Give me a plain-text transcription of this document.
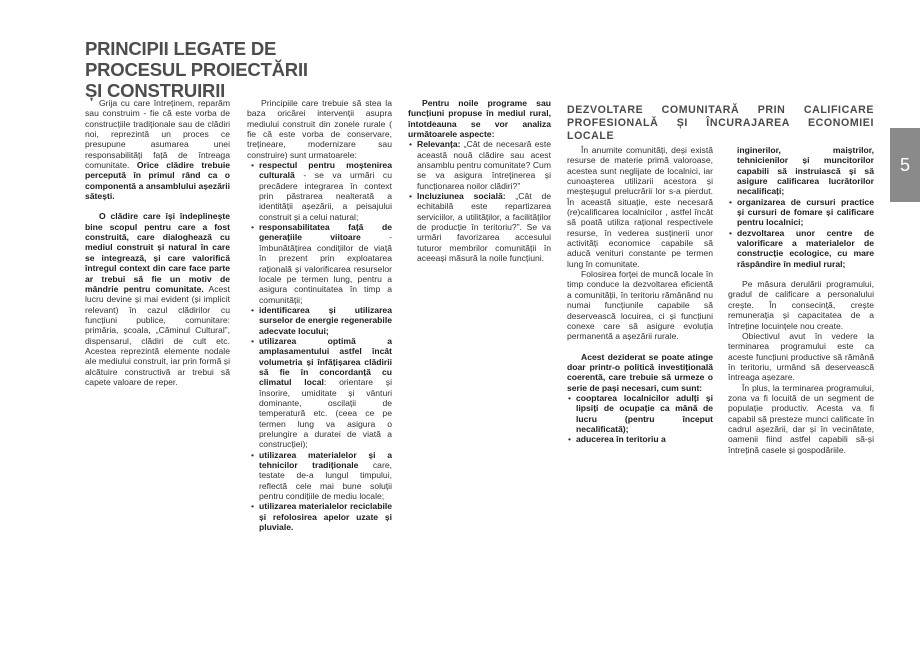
PRINCIPII LEGATE DE
PROCESUL PROIECTĂRII
ȘI CONSTRUIRII

Grija cu care întreținem, reparăm sau construim - fie că este vorba de construcțiile tradiționale sau de clădiri noi, reprezintă un proces ce presupune asumarea unei responsabilități față de întreaga comunitate. Orice clădire trebuie percepută în primul rând ca o componentă a ansamblului așezării sătești.

O clădire care își îndeplinește bine scopul pentru care a fost construită, care dialoghează cu mediul construit și natural în care se integrează, și care valorifică întregul context din care face parte ar trebui să fie un motiv de mândrie pentru comunitate. Acest lucru devine și mai evident (și implicit relevant) în cazul clădirilor cu funcțiuni publice, comunitare: primăria, școala, „Căminul Cultural”, dispensarul, clădiri de cult etc. Acestea reprezintă elemente nodale ale mediului construit, iar prin formă și alcătuire constructivă ar trebui să capete valoare de reper.

Principiile care trebuie să stea la baza oricărei intervenții asupra mediului construit din zonele rurale ( fie că este vorba de conservare, trețineare, modernizare sau construire) sunt urmatoarele:

• respectul pentru moștenirea culturală - se va urmări cu precădere integrarea în context prin păstrarea nealterată a identității așezării, a peisajului construit și a celui natural;
• responsabilitatea față de generațiile viitoare - îmbunătățirea condițiilor de viață în prezent prin exploatarea rațională și valorificarea resurselor locale pe termen lung, pentru a asigura continuitatea în timp a comunității;
• identificarea și utilizarea surselor de energie regenerabile adecvate locului;
• utilizarea optimă a amplasamentului astfel încât volumetria și înfățișarea clădirii să fie în concordanță cu climatul local: orientare și însorire, umiditate și vânturi dominante, oscilații de temperatură etc. (ceea ce pe termen lung va asigura o prelungire a duratei de viată a construcției);
• utilizarea materialelor și a tehnicilor tradiționale care, testate de-a lungul timpului, reflectă cele mai bune soluții pentru condițiile de mediu locale;
• utilizarea materialelor reciclabile și refolosirea apelor uzate și pluviale.

Pentru noile programe sau funcțiuni propuse în mediul rural, întotdeauna se vor analiza următoarele aspecte:

• Relevanța: „Cât de necesară este această nouă clădire sau acest ansamblu pentru comunitate? Cum se va asigura întreținerea și funcționarea noilor clădiri?”
• Incluziunea socială: „Cât de echitabilă este repartizarea serviciilor, a utilităților, a facilităților de producție în teritoriu?”. Se va urmări favorizarea accesului tuturor membrilor comunității în aceeași măsură la noile funcțiuni.
DEZVOLTARE COMUNITARĂ PRIN CALIFICARE PROFESIONALĂ ȘI ÎNCURAJAREA ECONOMIEI LOCALE

În anumite comunități, deși există resurse de materie primă valoroase, acestea sunt neglijate de localnici, iar cunoașterea utilizarii acestora și meșteșugul prelucrării lor s-a pierdut. În această situație, este necesară (re)calificarea localnicilor , astfel încât să poată utiliza rațional respectivele resurse, în vederea susținerii unor activități economice capabile să aducă venituri constante pe termen lung în comunitate.

Folosirea forței de muncă locale în timp conduce la dezvoltarea eficientă a comunității, în teritoriu rămânând nu numai funcțiunile capabile să deservească locuirea, ci și funcțiuni conexe care să asigure evoluția permanentă a așezării rurale.

Acest deziderat se poate atinge doar printr-o politică investițională coerentă, care trebuie să urmeze o serie de pași necesari, cum sunt:

• cooptarea localnicilor adulți și lipsiți de ocupație ca mână de lucru (pentru început necalificată);
• aducerea în teritoriu a

inginerilor, maiștrilor, tehnicienilor și muncitorilor capabili să instruiască și să asigure calificarea lucrătorilor necalificați;

• organizarea de cursuri practice și cursuri de fomare și calificare pentru localnici;
• dezvoltarea unor centre de valorificare a materialelor de construcție ecologice, cu mare răspândire în mediul rural;

Pe măsura derulării programului, gradul de calificare a personalului crește. În consecință, crește remunerația și capacitatea de a întreține locuințele nou create.

Obiectivul avut în vedere la terminarea programului este ca aceste funcțiuni productive să rămână în teritoriu, urmând să deservească întreaga așezare.

În plus, la terminarea programului, zona va fi locuită de un segment de populație productiv. Acesta va fi capabil să presteze munci calificate în cadrul așezării, dar și în vecinătate, oamenii fiind astfel capabili să-și întrețină casele și gospodăriile.

5
